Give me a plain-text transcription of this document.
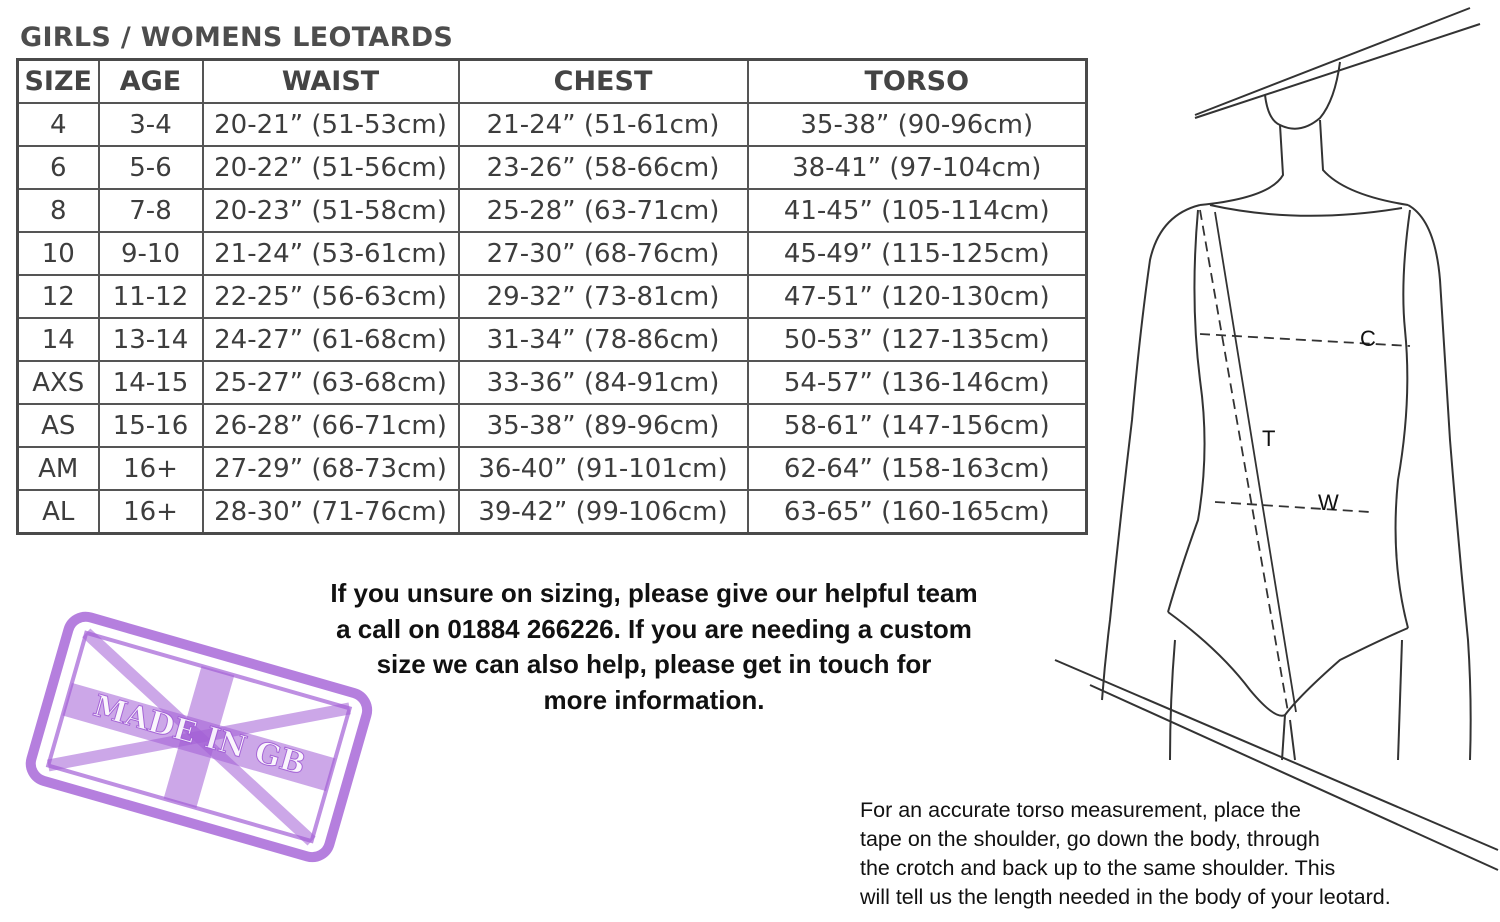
GIRLS / WOMENS LEOTARDS
SIZE	AGE	WAIST	CHEST	TORSO
4	3-4	20-21” (51-53cm)	21-24” (51-61cm)	35-38” (90-96cm)
6	5-6	20-22” (51-56cm)	23-26” (58-66cm)	38-41” (97-104cm)
8	7-8	20-23” (51-58cm)	25-28” (63-71cm)	41-45” (105-114cm)
10	9-10	21-24” (53-61cm)	27-30” (68-76cm)	45-49” (115-125cm)
12	11-12	22-25” (56-63cm)	29-32” (73-81cm)	47-51” (120-130cm)
14	13-14	24-27” (61-68cm)	31-34” (78-86cm)	50-53” (127-135cm)
AXS	14-15	25-27” (63-68cm)	33-36” (84-91cm)	54-57” (136-146cm)
AS	15-16	26-28” (66-71cm)	35-38” (89-96cm)	58-61” (147-156cm)
AM	16+	27-29” (68-73cm)	36-40” (91-101cm)	62-64” (158-163cm)
AL	16+	28-30” (71-76cm)	39-42” (99-106cm)	63-65” (160-165cm)
If you unsure on sizing, please give our helpful team
a call on 01884 266226. If you are needing a custom
size we can also help, please get in touch for
more information.
For an accurate torso measurement, place the
tape on the shoulder, go down the body, through
the crotch and back up to the same shoulder. This
will tell us the length needed in the body of your leotard.
MADE IN GB
C
T
W
